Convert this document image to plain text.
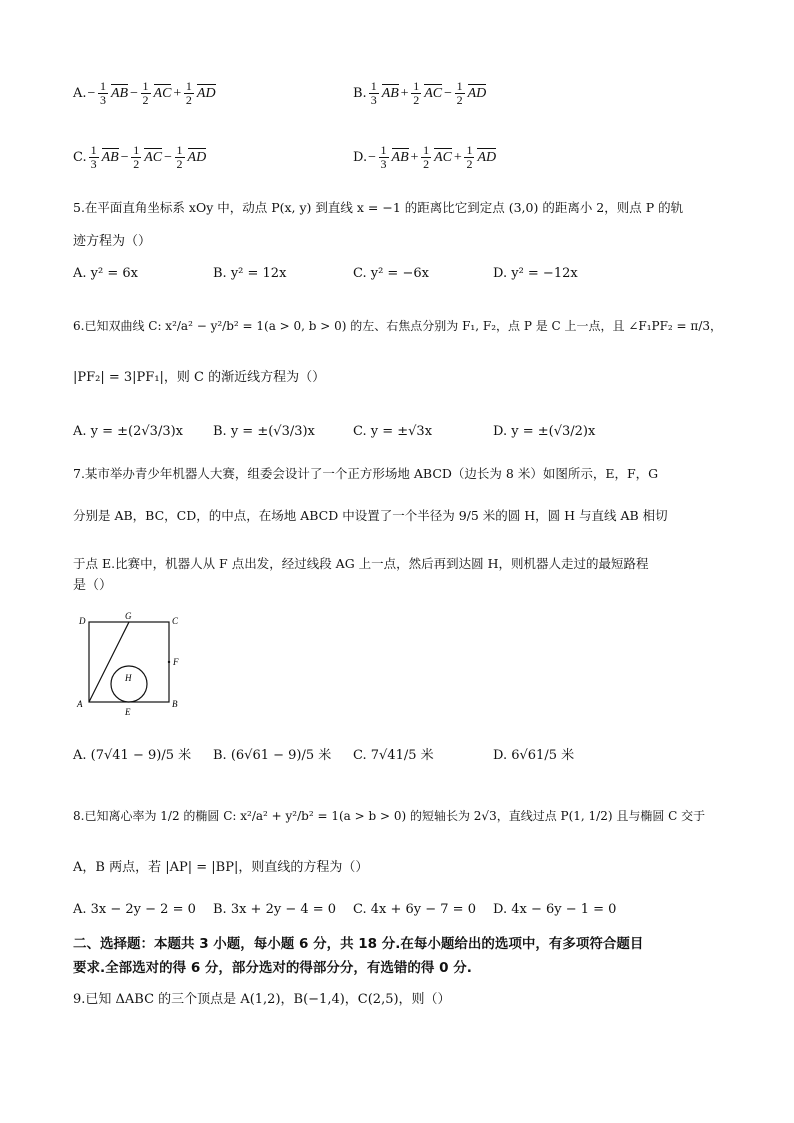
$A.- \frac{1}{3} AB- \frac{1}{2} AC+ \frac{1}{2}$ AD	B. $\frac{1}{3} AB+ \frac{1}{2} AC- \frac{1}{2}$ AD
C. $\frac{1}{3} AB- \frac{1}{2} AC- \frac{1}{2}$ AD	$D.- \frac{1}{3} AB+ \frac{1}{2} AC+ \frac{1}{2}$ AD
5.在平面直角坐标系 xOy 中，动点 P(x, y) 到直线 x = −1 的距离比它到定点 (3,0) 的距离小 2，则点 P 的轨
迹方程为（）
A. y² = 6x	B. y² = 12x	C. y² = −6x	D. y² = −12x
6.已知双曲线 C: x²/a² − y²/b² = 1(a > 0, b > 0) 的左、右焦点分别为 F₁, F₂，点 P 是 C 上一点，且 ∠F₁PF₂ = π/3，
|PF₂| = 3|PF₁|，则 C 的渐近线方程为（）
A. y = ±(2√3/3)x B. y = ±(√3/3)x	C. y = ±√3x	D. y = ±(√3/2)x
7.某市举办青少年机器人大赛，组委会设计了一个正方形场地 ABCD（边长为 8 米）如图所示，E，F，G
分别是 AB，BC，CD，的中点，在场地 ABCD 中设置了一个半径为 9/5 米的圆 H，圆 H 与直线 AB 相切
于点 E.比赛中，机器人从 F 点出发，经过线段 AG 上一点，然后再到达圆 H，则机器人走过的最短路程
是（）
D	G	C
F
H
A
E
B
A. (7√41 − 9)/5 米 B. (6√61 − 9)/5 米 C. 7√41/5 米	D. 6√61/5 米
8.已知离心率为 1/2 的椭圆 C: x²/a² + y²/b² = 1(a > b > 0) 的短轴长为 2√3，直线过点 P(1, 1/2) 且与椭圆 C 交于
A，B 两点，若 |AP| = |BP|，则直线的方程为（）
A. 3x − 2y − 2 = 0 B. 3x + 2y − 4 = 0 C. 4x + 6y − 7 = 0 D. 4x − 6y − 1 = 0
二、选择题：本题共 3 小题，每小题 6 分，共 18 分.在每小题给出的选项中，有多项符合题目
要求.全部选对的得 6 分，部分选对的得部分分，有选错的得 0 分.
9.已知 ΔABC 的三个顶点是 A(1,2)，B(−1,4)，C(2,5)，则（）
